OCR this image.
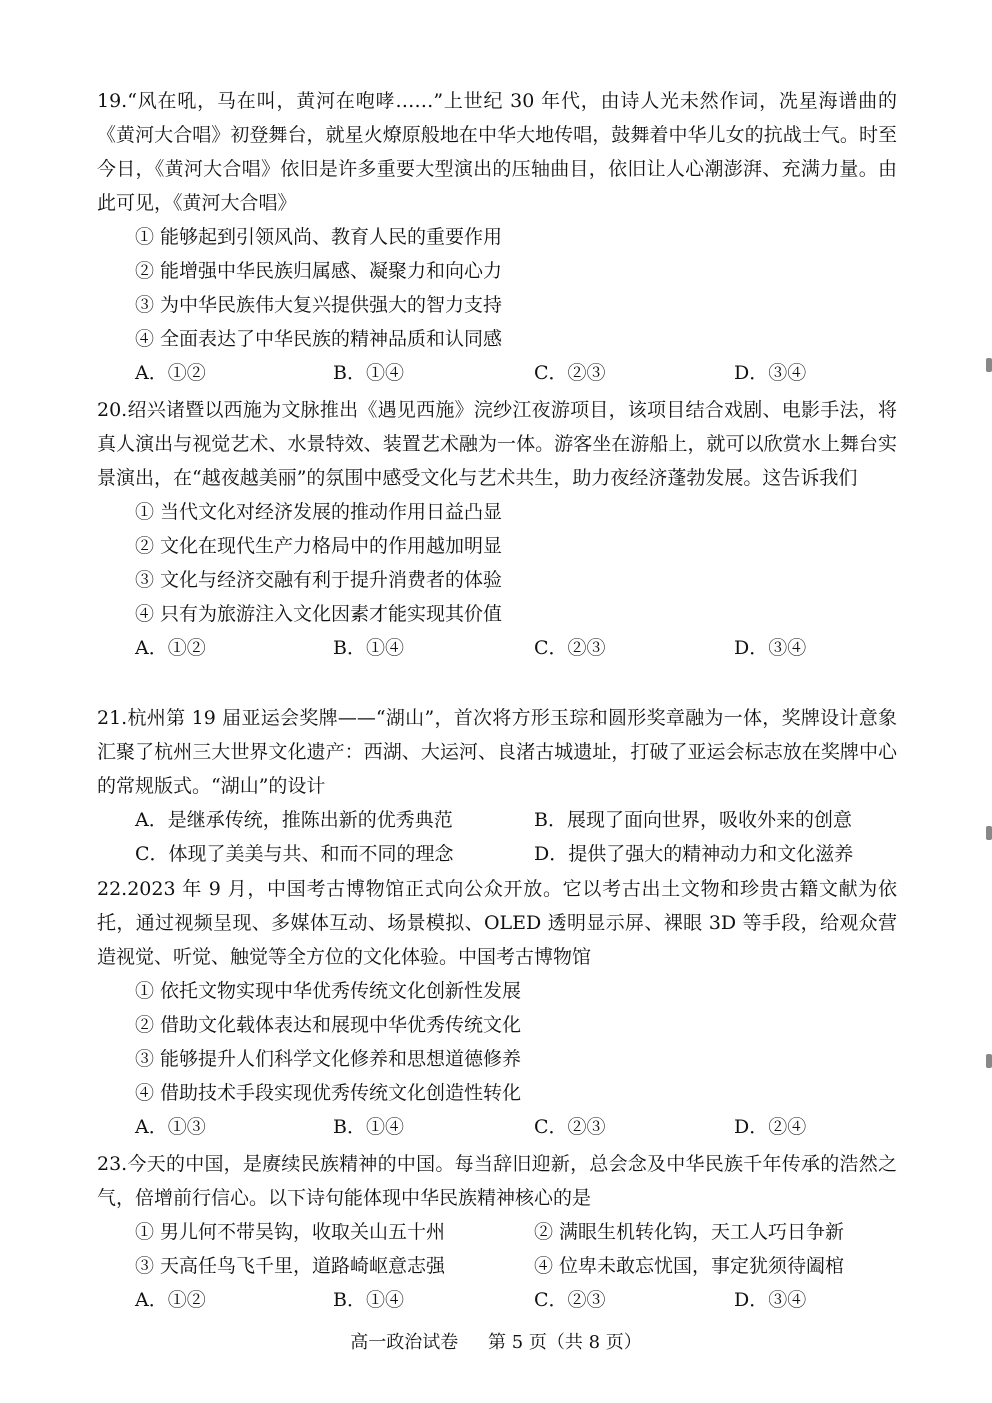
19.“风在吼，马在叫，黄河在咆哮……”上世纪 30 年代，由诗人光未然作词，冼星海谱曲的《黄河大合唱》初登舞台，就星火燎原般地在中华大地传唱，鼓舞着中华儿女的抗战士气。时至今日，《黄河大合唱》依旧是许多重要大型演出的压轴曲目，依旧让人心潮澎湃、充满力量。由此可见，《黄河大合唱》

① 能够起到引领风尚、教育人民的重要作用

② 能增强中华民族归属感、凝聚力和向心力

③ 为中华民族伟大复兴提供强大的智力支持

④ 全面表达了中华民族的精神品质和认同感

A．①②	B．①④	C．②③	D．③④

20.绍兴诸暨以西施为文脉推出《遇见西施》浣纱江夜游项目，该项目结合戏剧、电影手法，将真人演出与视觉艺术、水景特效、装置艺术融为一体。游客坐在游船上，就可以欣赏水上舞台实景演出，在“越夜越美丽”的氛围中感受文化与艺术共生，助力夜经济蓬勃发展。这告诉我们

① 当代文化对经济发展的推动作用日益凸显

② 文化在现代生产力格局中的作用越加明显

③ 文化与经济交融有利于提升消费者的体验

④ 只有为旅游注入文化因素才能实现其价值

A．①②	B．①④	C．②③	D．③④

21.杭州第 19 届亚运会奖牌——“湖山”，首次将方形玉琮和圆形奖章融为一体，奖牌设计意象汇聚了杭州三大世界文化遗产：西湖、大运河、良渚古城遗址，打破了亚运会标志放在奖牌中心的常规版式。“湖山”的设计

A．是继承传统，推陈出新的优秀典范	B．展现了面向世界，吸收外来的创意
C．体现了美美与共、和而不同的理念	D．提供了强大的精神动力和文化滋养

22.2023 年 9 月，中国考古博物馆正式向公众开放。它以考古出土文物和珍贵古籍文献为依托，通过视频呈现、多媒体互动、场景模拟、OLED 透明显示屏、裸眼 3D 等手段，给观众营造视觉、听觉、触觉等全方位的文化体验。中国考古博物馆

① 依托文物实现中华优秀传统文化创新性发展

② 借助文化载体表达和展现中华优秀传统文化

③ 能够提升人们科学文化修养和思想道德修养

④ 借助技术手段实现优秀传统文化创造性转化

A．①③	B．①④	C．②③	D．②④

23.今天的中国，是赓续民族精神的中国。每当辞旧迎新，总会念及中华民族千年传承的浩然之气，倍增前行信心。以下诗句能体现中华民族精神核心的是

① 男儿何不带吴钩，收取关山五十州	② 满眼生机转化钩，天工人巧日争新
③ 天高任鸟飞千里，道路崎岖意志强	④ 位卑未敢忘忧国，事定犹须待阖棺
A．①②	B．①④	C．②③	D．③④
高一政治试卷 第 5 页（共 8 页）
